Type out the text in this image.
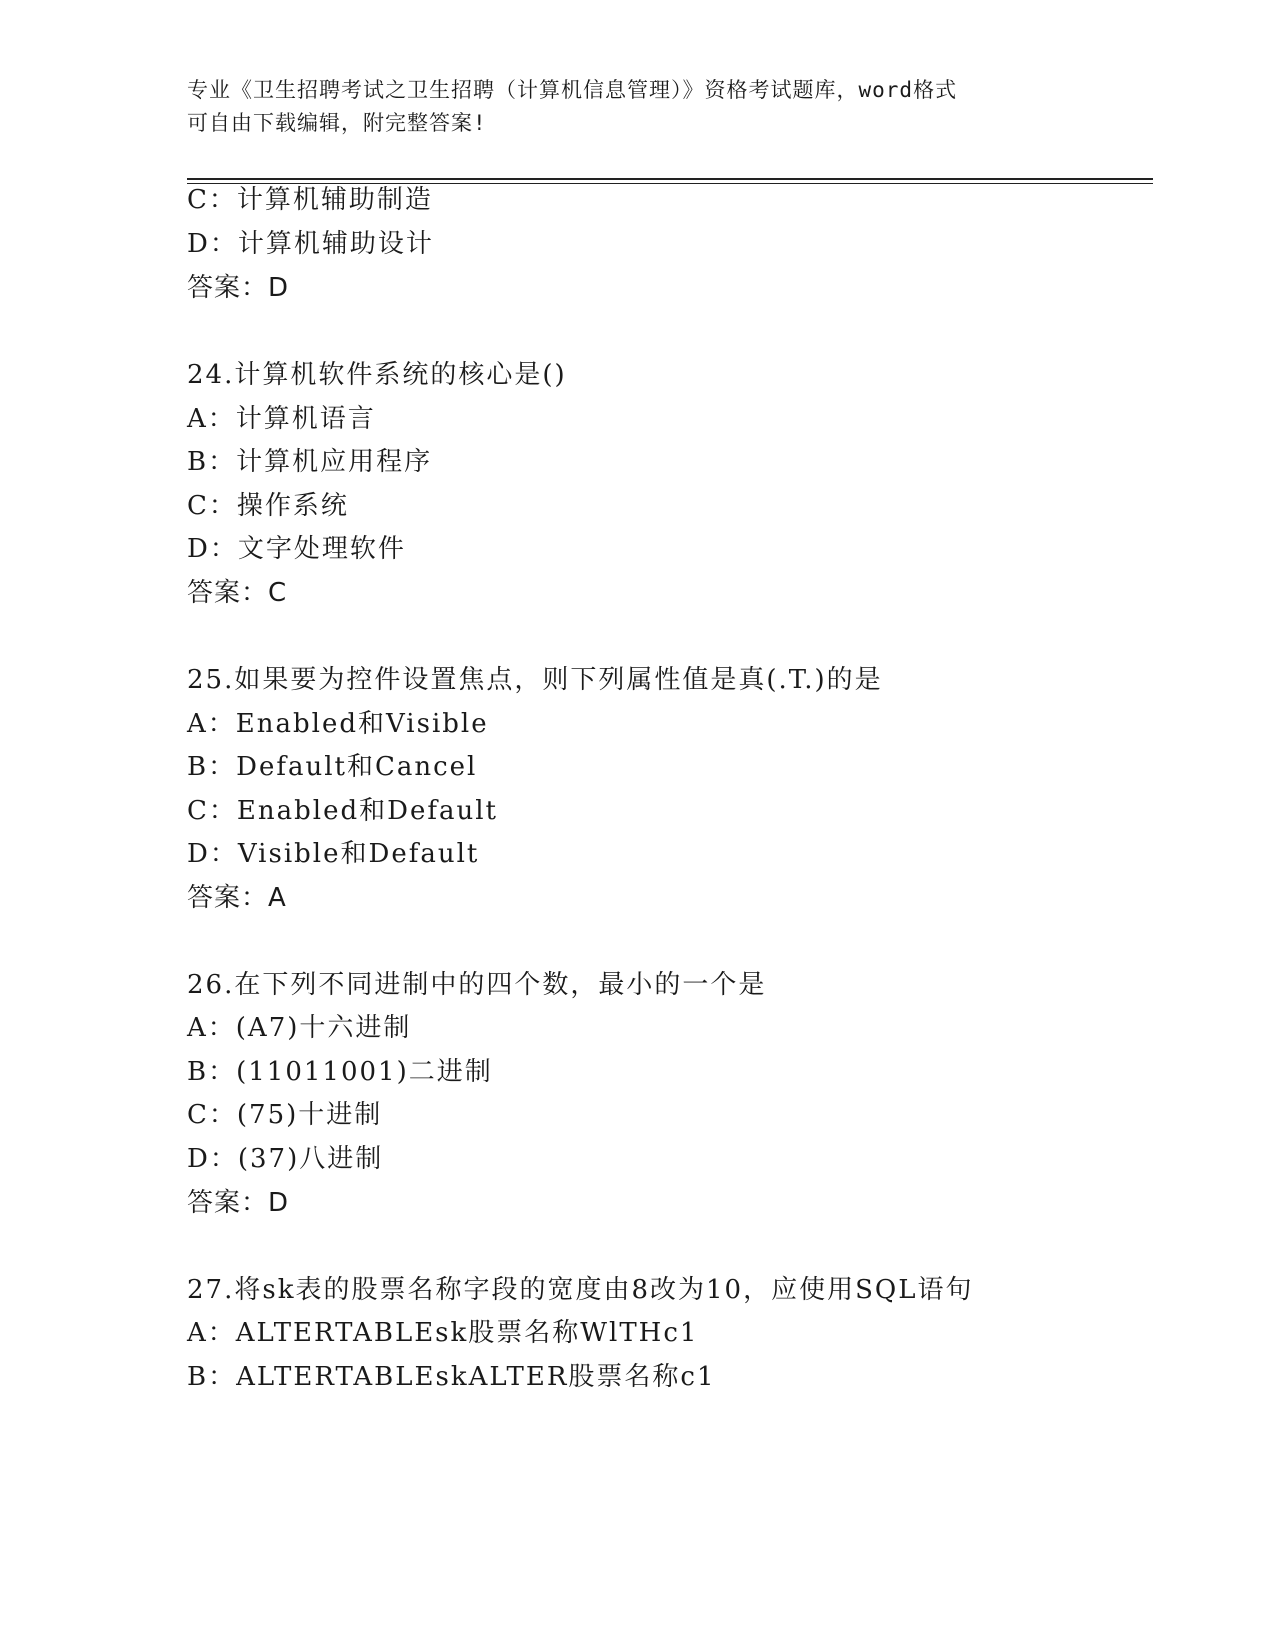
专业《卫生招聘考试之卫生招聘（计算机信息管理）》资格考试题库，word格式
可自由下载编辑，附完整答案!
C：计算机辅助制造
D：计算机辅助设计
答案：D
24.计算机软件系统的核心是()
A：计算机语言
B：计算机应用程序
C：操作系统
D：文字处理软件
答案：C
25.如果要为控件设置焦点，则下列属性值是真(.T.)的是
A：Enabled和Visible
B：Default和Cancel
C：Enabled和Default
D：Visible和Default
答案：A
26.在下列不同进制中的四个数，最小的一个是
A：(A7)十六进制
B：(11011001)二进制
C：(75)十进制
D：(37)八进制
答案：D
27.将sk表的股票名称字段的宽度由8改为10，应使用SQL语句
A：ALTERTABLEsk股票名称WlTHc1
B：ALTERTABLEskALTER股票名称c1
